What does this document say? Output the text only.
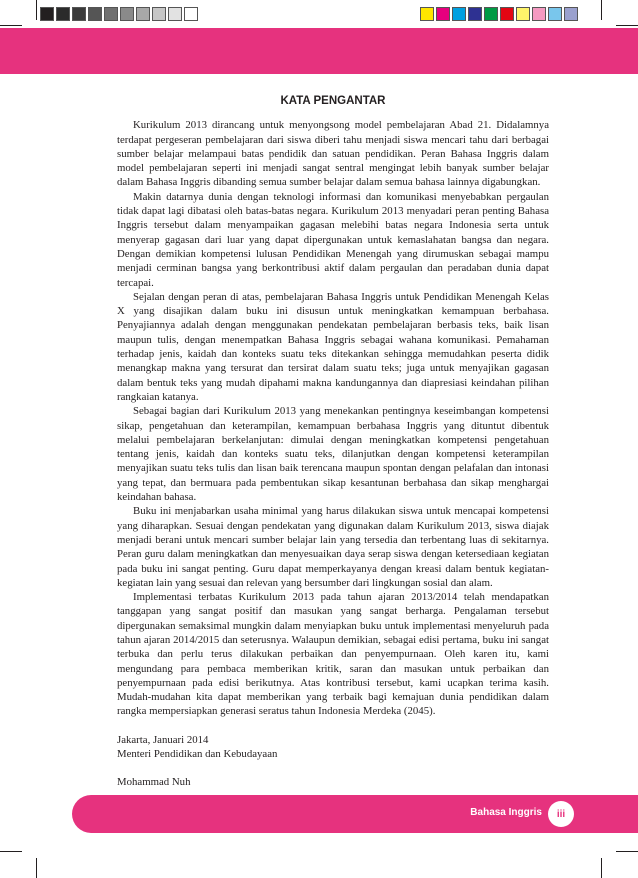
KATA PENGANTAR

Kurikulum 2013 dirancang untuk menyongsong model pembelajaran Abad 21. Didalamnya terdapat pergeseran pembelajaran dari siswa diberi tahu menjadi siswa mencari tahu dari berbagai sumber belajar melampaui batas pendidik dan satuan pendidikan. Peran Bahasa Inggris dalam model pembelajaran seperti ini menjadi sangat sentral mengingat lebih banyak sumber belajar dalam Bahasa Inggris dibanding semua sumber belajar dalam semua bahasa lainnya digabungkan.

Makin datarnya dunia dengan teknologi informasi dan komunikasi menyebabkan pergaulan tidak dapat lagi dibatasi oleh batas-batas negara. Kurikulum 2013 menyadari peran penting Bahasa Inggris tersebut dalam menyampaikan gagasan melebihi batas negara Indonesia serta untuk menyerap gagasan dari luar yang dapat dipergunakan untuk kemaslahatan bangsa dan negara. Dengan demikian kompetensi lulusan Pendidikan Menengah yang dirumuskan sebagai mampu menjadi cerminan bangsa yang berkontribusi aktif dalam pergaulan dan peradaban dunia dapat tercapai.

Sejalan dengan peran di atas, pembelajaran Bahasa Inggris untuk Pendidikan Menengah Kelas X yang disajikan dalam buku ini disusun untuk meningkatkan kemampuan berbahasa. Penyajiannya adalah dengan menggunakan pendekatan pembelajaran berbasis teks, baik lisan maupun tulis, dengan menempatkan Bahasa Inggris sebagai wahana komunikasi. Pemahaman terhadap jenis, kaidah dan konteks suatu teks ditekankan sehingga memudahkan peserta didik menangkap makna yang tersurat dan tersirat dalam suatu teks; juga untuk menyajikan gagasan dalam bentuk teks yang mudah dipahami makna kandungannya dan diapresiasi keindahan pilihan rangkaian katanya.

Sebagai bagian dari Kurikulum 2013 yang menekankan pentingnya keseimbangan kompetensi sikap, pengetahuan dan keterampilan, kemampuan berbahasa Inggris yang dituntut dibentuk melalui pembelajaran berkelanjutan: dimulai dengan meningkatkan kompetensi pengetahuan tentang jenis, kaidah dan konteks suatu teks, dilanjutkan dengan kompetensi keterampilan menyajikan suatu teks tulis dan lisan baik terencana maupun spontan dengan pelafalan dan intonasi yang tepat, dan bermuara pada pembentukan sikap kesantunan berbahasa dan sikap menghargai keindahan bahasa.

Buku ini menjabarkan usaha minimal yang harus dilakukan siswa untuk mencapai kompetensi yang diharapkan. Sesuai dengan pendekatan yang digunakan dalam Kurikulum 2013, siswa diajak menjadi berani untuk mencari sumber belajar lain yang tersedia dan terbentang luas di sekitarnya. Peran guru dalam meningkatkan dan menyesuaikan daya serap siswa dengan ketersediaan kegiatan pada buku ini sangat penting. Guru dapat memperkayanya dengan kreasi dalam bentuk kegiatan-kegiatan lain yang sesuai dan relevan yang bersumber dari lingkungan sosial dan alam.

Implementasi terbatas Kurikulum 2013 pada tahun ajaran 2013/2014 telah mendapatkan tanggapan yang sangat positif dan masukan yang sangat berharga. Pengalaman tersebut dipergunakan semaksimal mungkin dalam menyiapkan buku untuk implementasi menyeluruh pada tahun ajaran 2014/2015 dan seterusnya. Walaupun demikian, sebagai edisi pertama, buku ini sangat terbuka dan perlu terus dilakukan perbaikan dan penyempurnaan. Oleh karen itu, kami mengundang para pembaca memberikan kritik, saran dan masukan untuk perbaikan dan penyempurnaan pada edisi berikutnya. Atas kontribusi tersebut, kami ucapkan terima kasih. Mudah-mudahan kita dapat memberikan yang terbaik bagi kemajuan dunia pendidikan dalam rangka mempersiapkan generasi seratus tahun Indonesia Merdeka (2045).

Jakarta, Januari 2014

Menteri Pendidikan dan Kebudayaan

Mohammad Nuh

Bahasa Inggris	iii
